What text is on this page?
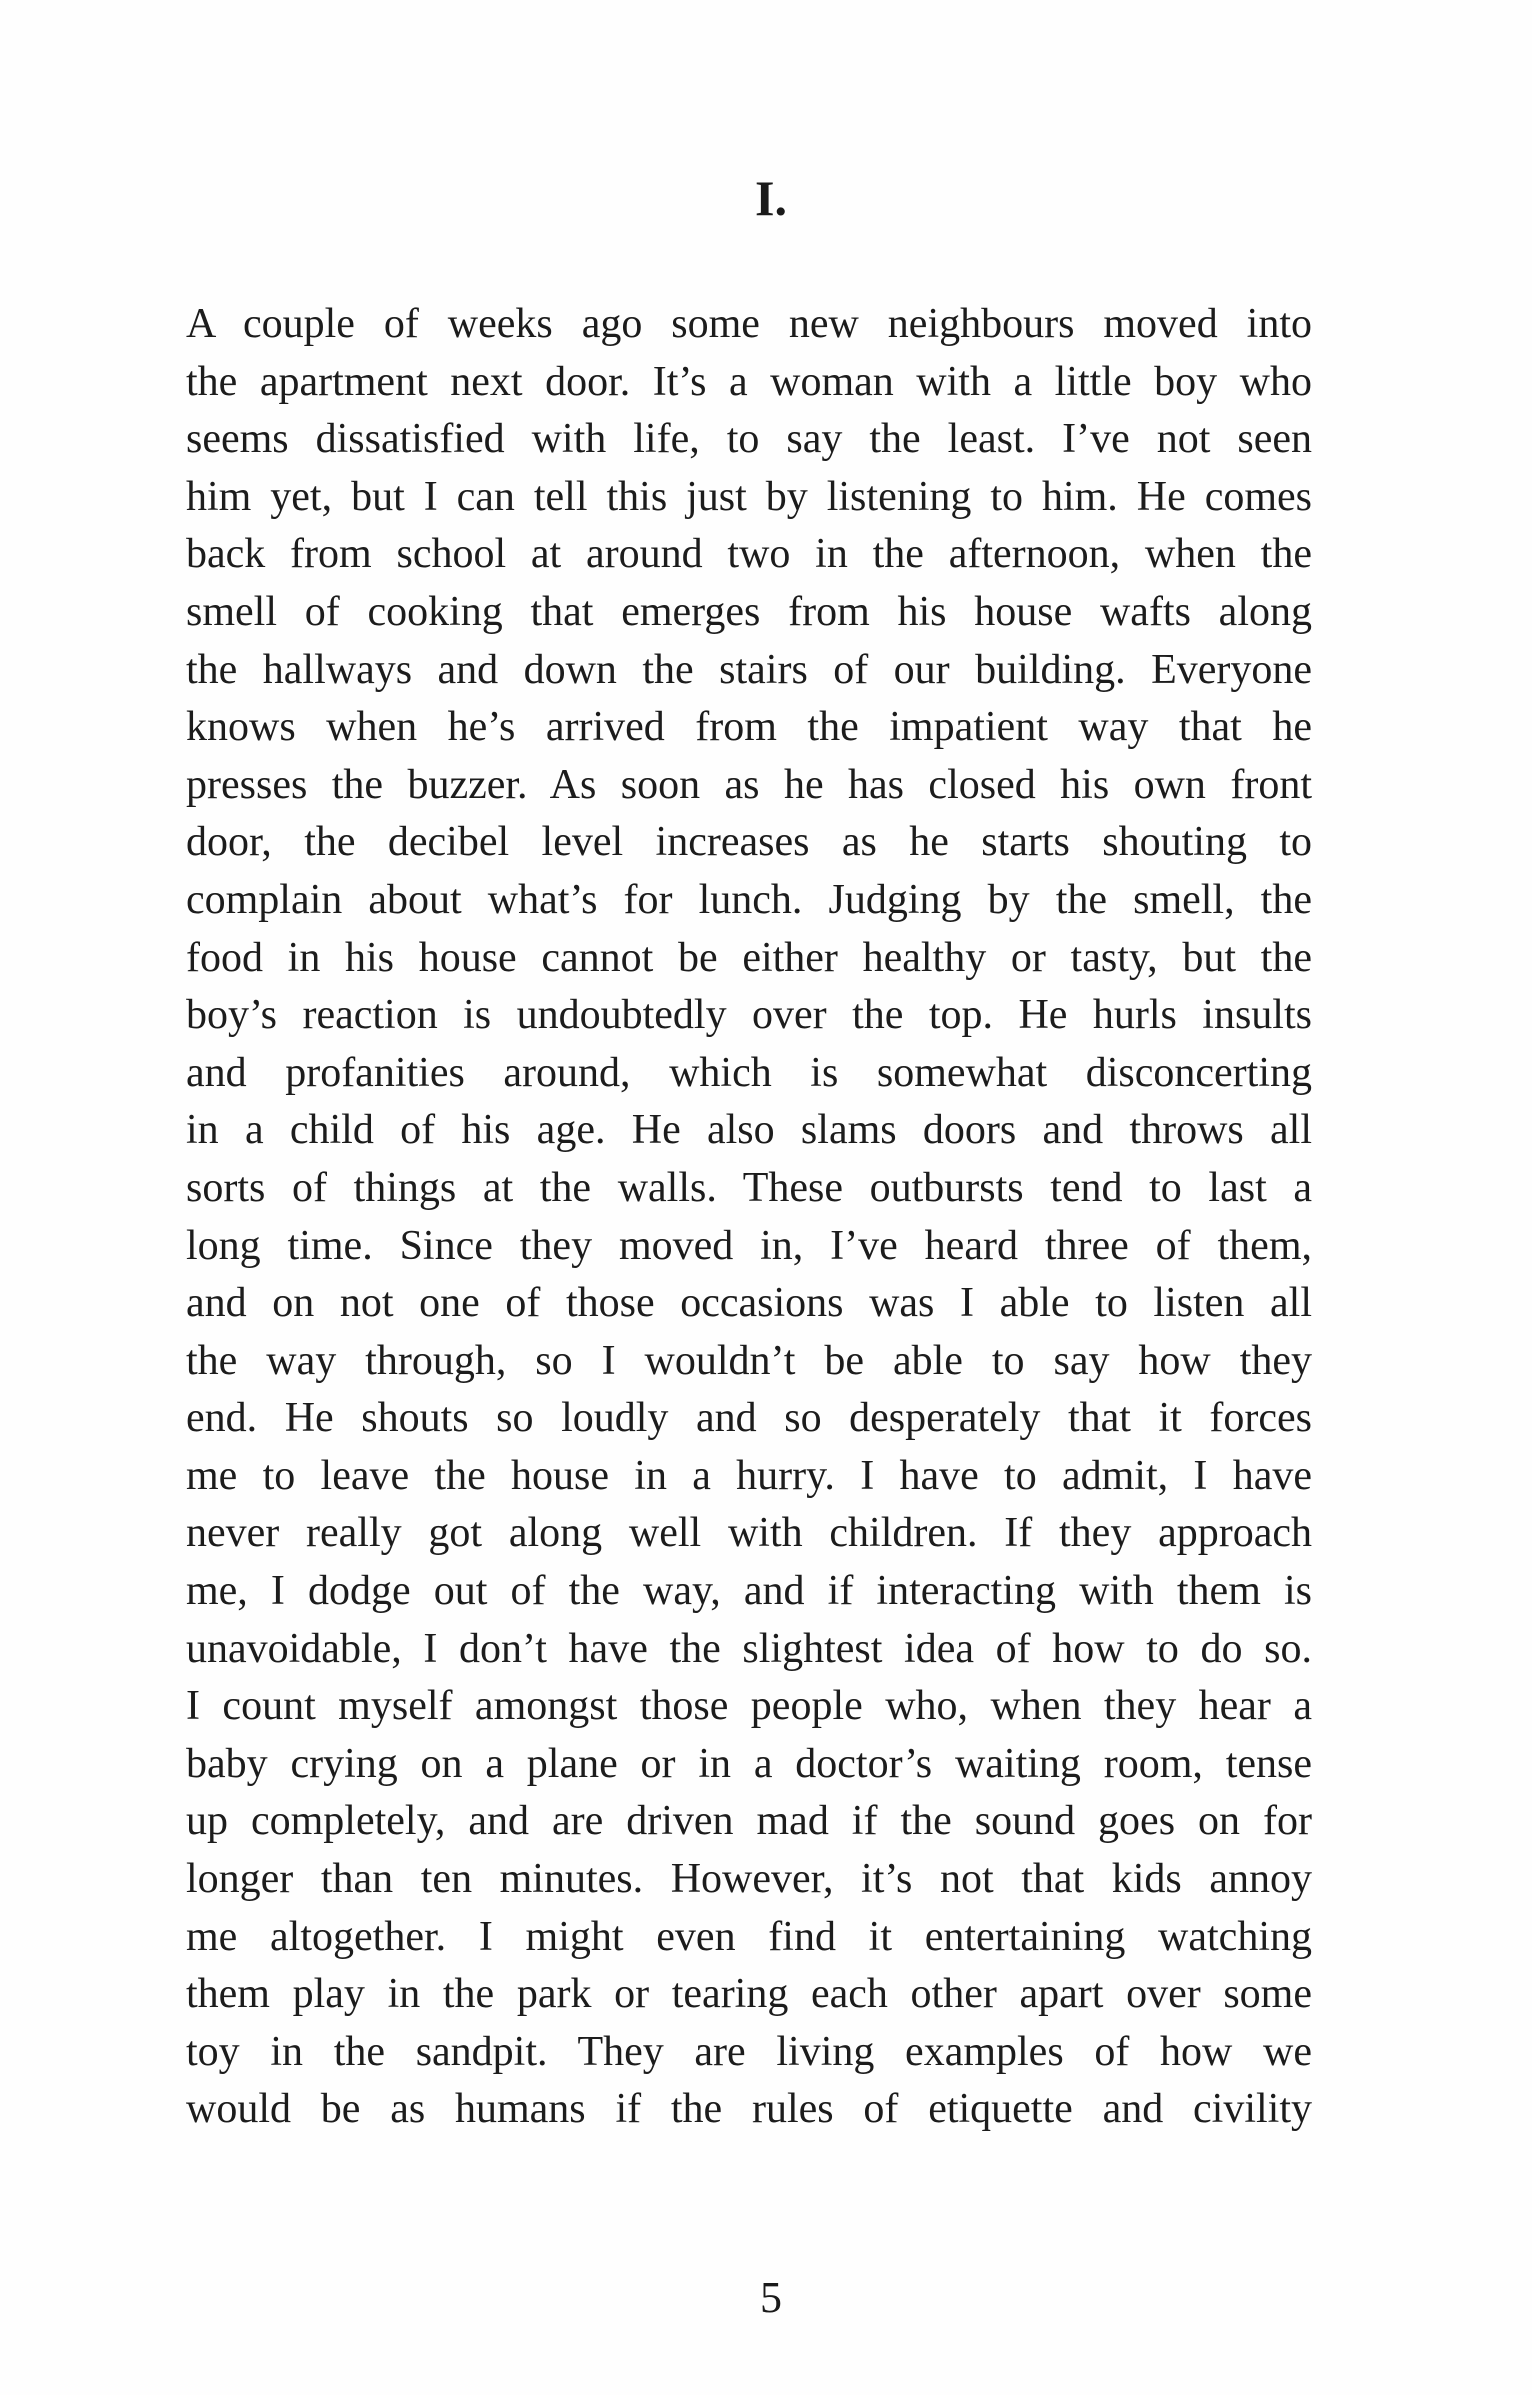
I.
A couple of weeks ago some new neighbours moved into
the apartment next door. It’s a woman with a little boy who
seems dissatisfied with life, to say the least. I’ve not seen
him yet, but I can tell this just by listening to him. He comes
back from school at around two in the afternoon, when the
smell of cooking that emerges from his house wafts along
the hallways and down the stairs of our building. Everyone
knows when he’s arrived from the impatient way that he
presses the buzzer. As soon as he has closed his own front
door, the decibel level increases as he starts shouting to
complain about what’s for lunch. Judging by the smell, the
food in his house cannot be either healthy or tasty, but the
boy’s reaction is undoubtedly over the top. He hurls insults
and profanities around, which is somewhat disconcerting
in a child of his age. He also slams doors and throws all
sorts of things at the walls. These outbursts tend to last a
long time. Since they moved in, I’ve heard three of them,
and on not one of those occasions was I able to listen all
the way through, so I wouldn’t be able to say how they
end. He shouts so loudly and so desperately that it forces
me to leave the house in a hurry. I have to admit, I have
never really got along well with children. If they approach
me, I dodge out of the way, and if interacting with them is
unavoidable, I don’t have the slightest idea of how to do so.
I count myself amongst those people who, when they hear a
baby crying on a plane or in a doctor’s waiting room, tense
up completely, and are driven mad if the sound goes on for
longer than ten minutes. However, it’s not that kids annoy
me altogether. I might even find it entertaining watching
them play in the park or tearing each other apart over some
toy in the sandpit. They are living examples of how we
would be as humans if the rules of etiquette and civility
5
